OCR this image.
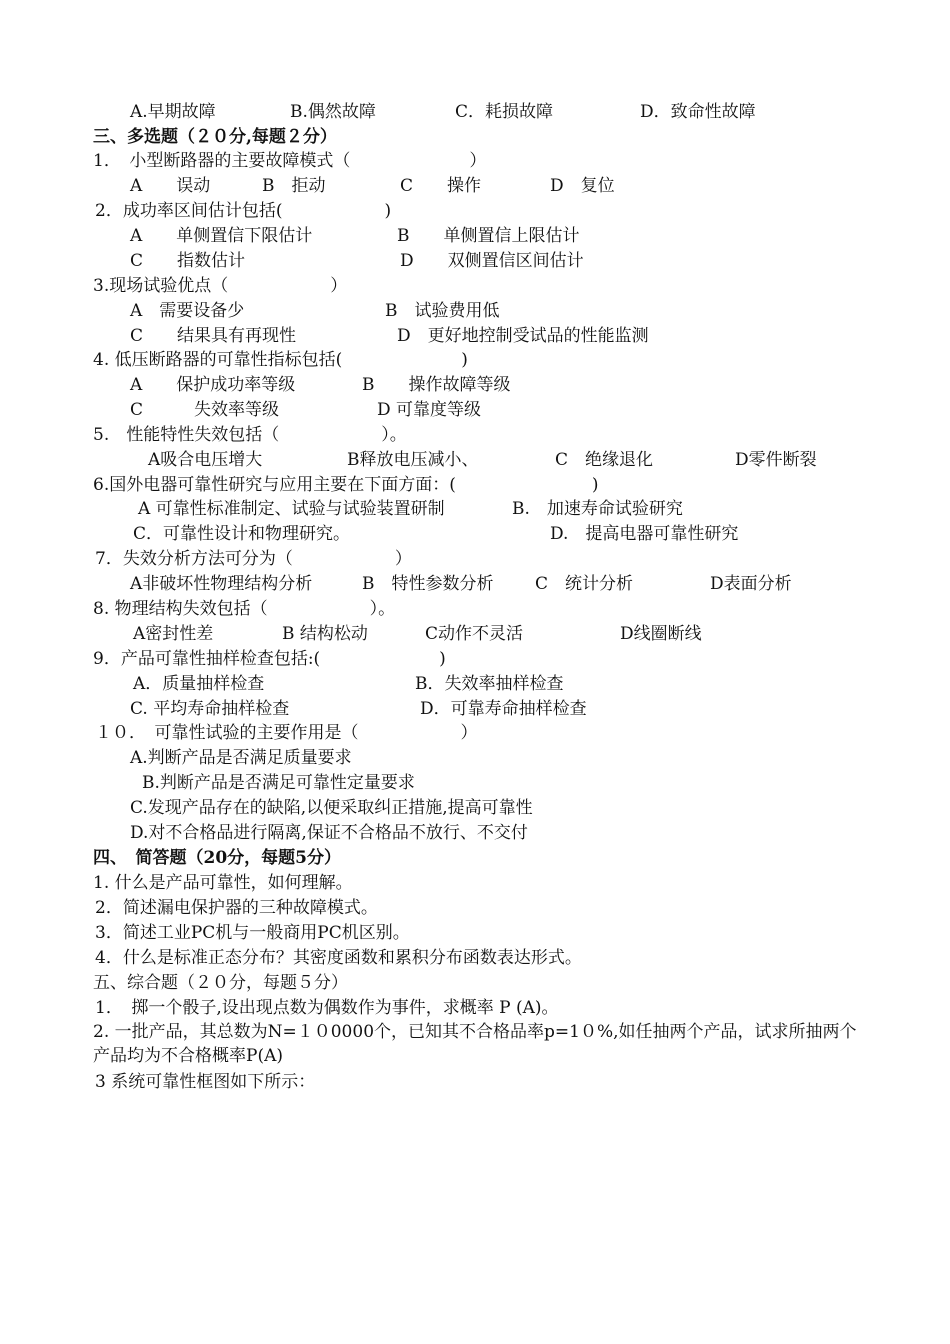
A.早期故障	B.偶然故障	C．耗损故障	D．致命性故障
三、多选题（２０分,每题２分）
1．　小型断路器的主要故障模式（　　　　　　　）
A　　误动	B　拒动	C　　操作	D　复位
2．成功率区间估计包括(　　　　　　)
A　　单侧置信下限估计	B　　单侧置信上限估计
C　　指数估计	D　　双侧置信区间估计
3.现场试验优点（　　　　　　）
A　需要设备少	B　试验费用低
C　　结果具有再现性	D　更好地控制受试品的性能监测
4. 低压断路器的可靠性指标包括(　　　　　　　)
A　　保护成功率等级	B　　操作故障等级
C　　　失效率等级	D 可靠度等级
5.　性能特性失效包括（　　　　　　）。
A吸合电压增大	B释放电压减小、	C　绝缘退化	D零件断裂
6.国外电器可靠性研究与应用主要在下面方面：(　　　　　　　　)
A 可靠性标准制定、试验与试验装置研制	B.　加速寿命试验研究
C．可靠性设计和物理研究。	D.　提高电器可靠性研究
7．失效分析方法可分为（　　　　　　）
A非破坏性物理结构分析	B　特性参数分析 C　统计分析	D表面分析
8. 物理结构失效包括（　　　　　　）。
A密封性差	B 结构松动	C动作不灵活	D线圈断线
9．产品可靠性抽样检查包括:(　　　　　　　)
A．质量抽样检查	B．失效率抽样检查
C. 平均寿命抽样检查	D．可靠寿命抽样检查
１０．　可靠性试验的主要作用是（　　　　　　）
A.判断产品是否满足质量要求
B.判断产品是否满足可靠性定量要求
C.发现产品存在的缺陷,以便采取纠正措施,提高可靠性
D.对不合格品进行隔离,保证不合格品不放行、不交付
四、　简答题（20分，每题5分）
1. 什么是产品可靠性，如何理解。
2．简述漏电保护器的三种故障模式。
3．简述工业PC机与一般商用PC机区别。
4．什么是标准正态分布？其密度函数和累积分布函数表达形式。
五、综合题（２０分，每题５分）
1．　掷一个骰子,设出现点数为偶数作为事件，求概率 P (A)。
2. 一批产品，其总数为N=１０0000个，已知其不合格品率p=1０%,如任抽两个产品，试求所抽两个产品均为不合格概率P(A)
3 系统可靠性框图如下所示：
